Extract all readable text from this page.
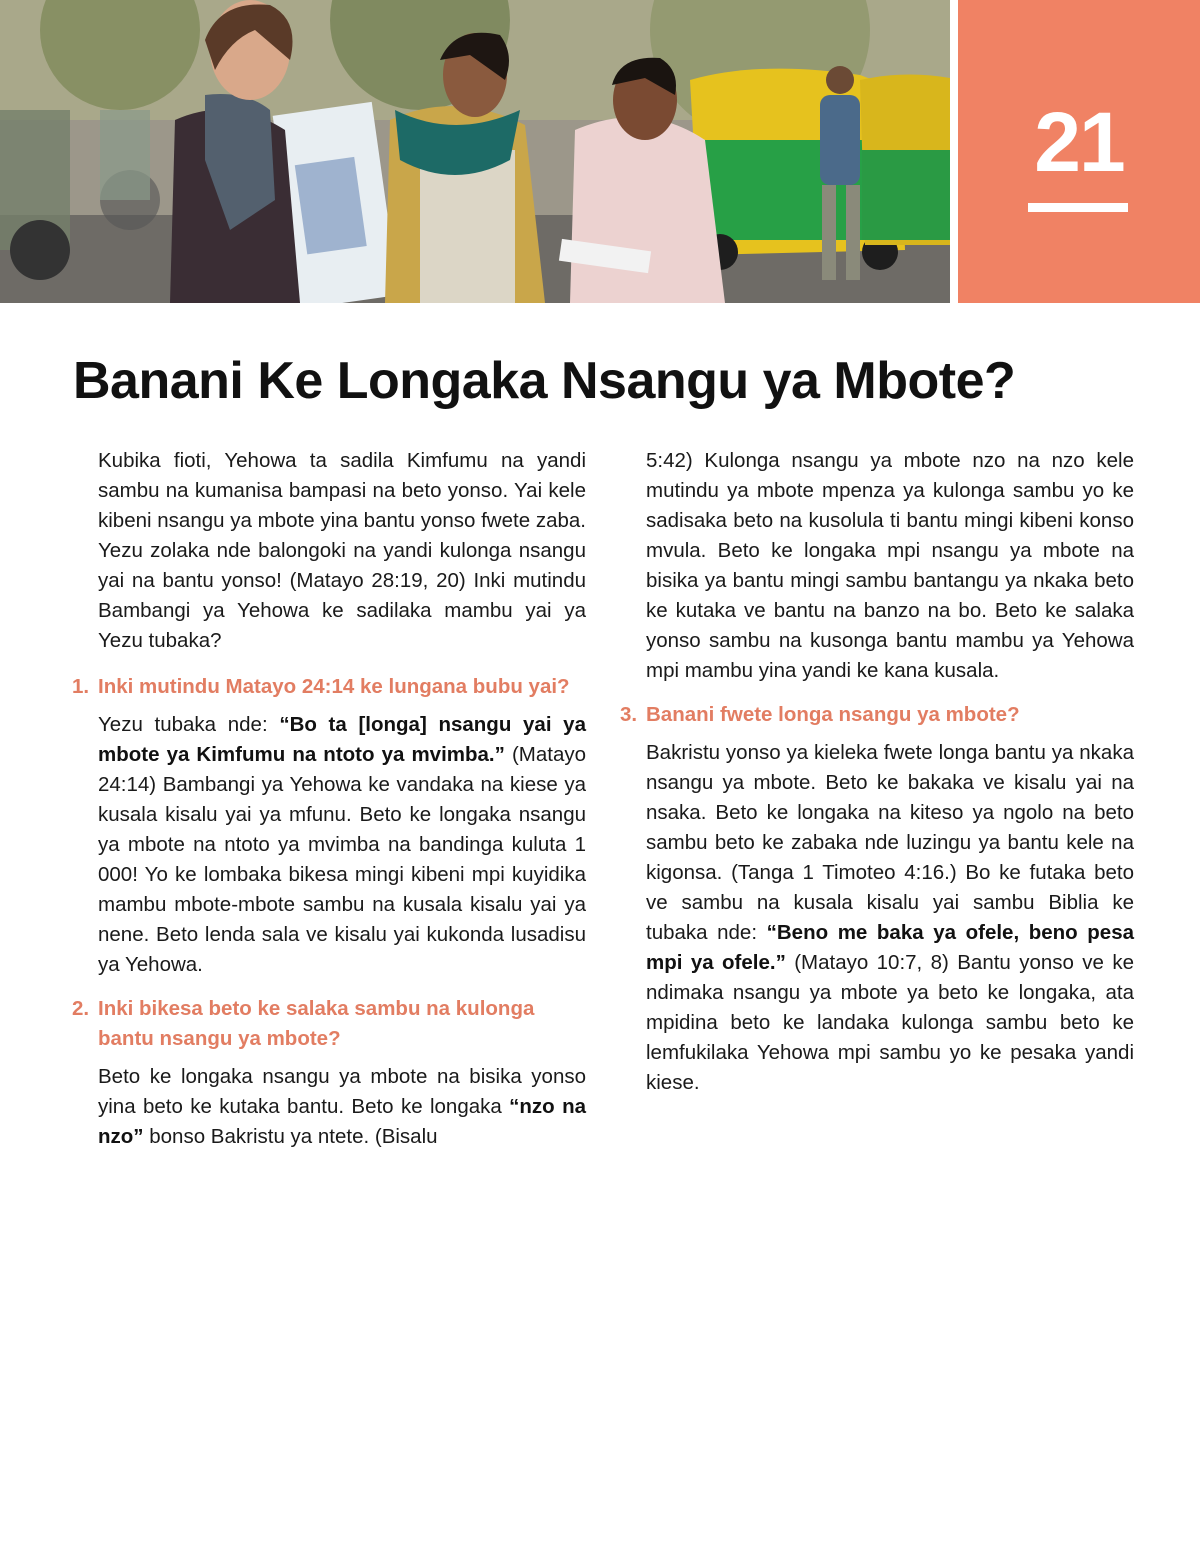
21
Banani Ke Longaka Nsangu ya Mbote?

Kubika fioti, Yehowa ta sadila Kimfumu na yandi sambu na kumanisa bampasi na beto yonso. Yai kele kibeni nsangu ya mbote yina bantu yonso fwete zaba. Yezu zolaka nde balongoki na yandi kulonga nsangu yai na bantu yonso! (Matayo 28:19, 20) Inki mutindu Bambangi ya Yehowa ke sadilaka mambu yai ya Yezu tubaka?

1. Inki mutindu Matayo 24:14 ke lungana bubu yai?

Yezu tubaka nde: “Bo ta [longa] nsangu yai ya mbote ya Kimfumu na ntoto ya mvimba.” (Matayo 24:14) Bambangi ya Yehowa ke vandaka na kiese ya kusala kisalu yai ya mfunu. Beto ke longaka nsangu ya mbote na ntoto ya mvimba na bandinga kuluta 1 000! Yo ke lombaka bikesa mingi kibeni mpi kuyidika mambu mbote-mbote sambu na kusala kisalu yai ya nene. Beto lenda sala ve kisalu yai kukonda lusadisu ya Yehowa.

2. Inki bikesa beto ke salaka sambu na kulonga bantu nsangu ya mbote?

Beto ke longaka nsangu ya mbote na bisika yonso yina beto ke kutaka bantu. Beto ke longaka “nzo na nzo” bonso Bakristu ya ntete. (Bisalu

5:42) Kulonga nsangu ya mbote nzo na nzo kele mutindu ya mbote mpenza ya kulonga sambu yo ke sadisaka beto na kusolula ti bantu mingi kibeni konso mvula. Beto ke longaka mpi nsangu ya mbote na bisika ya bantu mingi sambu bantangu ya nkaka beto ke kutaka ve bantu na banzo na bo. Beto ke salaka yonso sambu na kusonga bantu mambu ya Yehowa mpi mambu yina yandi ke kana kusala.

3. Banani fwete longa nsangu ya mbote?

Bakristu yonso ya kieleka fwete longa bantu ya nkaka nsangu ya mbote. Beto ke bakaka ve kisalu yai na nsaka. Beto ke longaka na kiteso ya ngolo na beto sambu beto ke zabaka nde luzingu ya bantu kele na kigonsa. (Tanga 1 Timoteo 4:16.) Bo ke futaka beto ve sambu na kusala kisalu yai sambu Biblia ke tubaka nde: “Beno me baka ya ofele, beno pesa mpi ya ofele.” (Matayo 10:7, 8) Bantu yonso ve ke ndimaka nsangu ya mbote ya beto ke longaka, ata mpidina beto ke landaka kulonga sambu beto ke lemfukilaka Yehowa mpi sambu yo ke pesaka yandi kiese.
